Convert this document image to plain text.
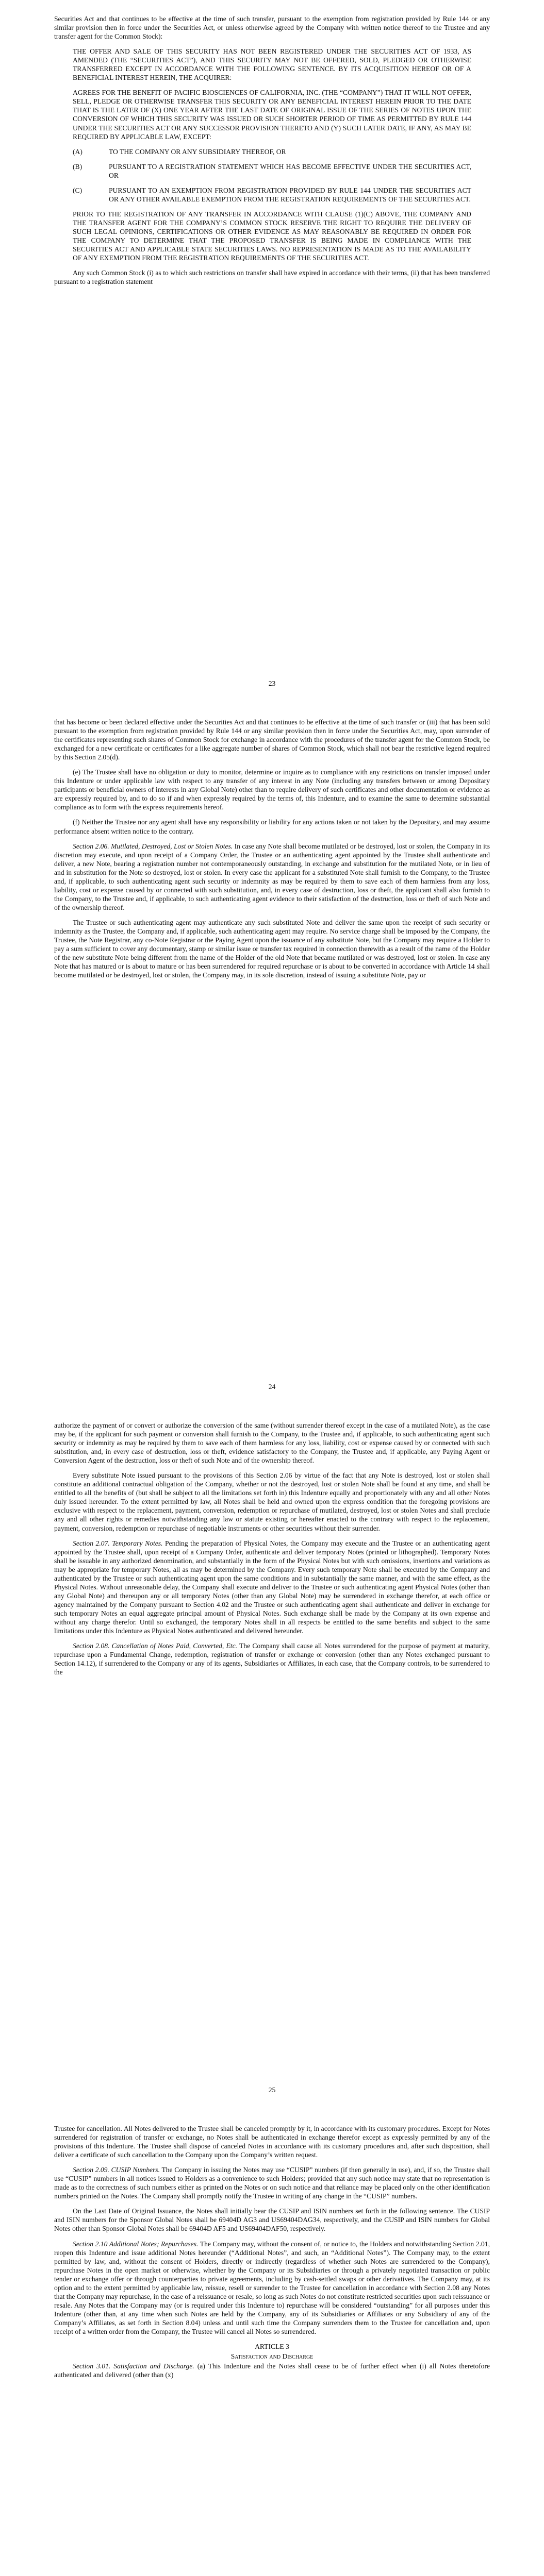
Securities Act and that continues to be effective at the time of such transfer, pursuant to the exemption from registration provided by Rule 144 or any similar provision then in force under the Securities Act, or unless otherwise agreed by the Company with written notice thereof to the Trustee and any transfer agent for the Common Stock):

THE OFFER AND SALE OF THIS SECURITY HAS NOT BEEN REGISTERED UNDER THE SECURITIES ACT OF 1933, AS AMENDED (THE “SECURITIES ACT”), AND THIS SECURITY MAY NOT BE OFFERED, SOLD, PLEDGED OR OTHERWISE TRANSFERRED EXCEPT IN ACCORDANCE WITH THE FOLLOWING SENTENCE. BY ITS ACQUISITION HEREOF OR OF A BENEFICIAL INTEREST HEREIN, THE ACQUIRER:

AGREES FOR THE BENEFIT OF PACIFIC BIOSCIENCES OF CALIFORNIA, INC. (THE “COMPANY”) THAT IT WILL NOT OFFER, SELL, PLEDGE OR OTHERWISE TRANSFER THIS SECURITY OR ANY BENEFICIAL INTEREST HEREIN PRIOR TO THE DATE THAT IS THE LATER OF (X) ONE YEAR AFTER THE LAST DATE OF ORIGINAL ISSUE OF THE SERIES OF NOTES UPON THE CONVERSION OF WHICH THIS SECURITY WAS ISSUED OR SUCH SHORTER PERIOD OF TIME AS PERMITTED BY RULE 144 UNDER THE SECURITIES ACT OR ANY SUCCESSOR PROVISION THERETO AND (Y) SUCH LATER DATE, IF ANY, AS MAY BE REQUIRED BY APPLICABLE LAW, EXCEPT:

(A)	TO THE COMPANY OR ANY SUBSIDIARY THEREOF, OR

(B)	PURSUANT TO A REGISTRATION STATEMENT WHICH HAS BECOME EFFECTIVE UNDER THE SECURITIES ACT, OR

(C)	PURSUANT TO AN EXEMPTION FROM REGISTRATION PROVIDED BY RULE 144 UNDER THE SECURITIES ACT OR ANY OTHER AVAILABLE EXEMPTION FROM THE REGISTRATION REQUIREMENTS OF THE SECURITIES ACT.

PRIOR TO THE REGISTRATION OF ANY TRANSFER IN ACCORDANCE WITH CLAUSE (1)(C) ABOVE, THE COMPANY AND THE TRANSFER AGENT FOR THE COMPANY’S COMMON STOCK RESERVE THE RIGHT TO REQUIRE THE DELIVERY OF SUCH LEGAL OPINIONS, CERTIFICATIONS OR OTHER EVIDENCE AS MAY REASONABLY BE REQUIRED IN ORDER FOR THE COMPANY TO DETERMINE THAT THE PROPOSED TRANSFER IS BEING MADE IN COMPLIANCE WITH THE SECURITIES ACT AND APPLICABLE STATE SECURITIES LAWS. NO REPRESENTATION IS MADE AS TO THE AVAILABILITY OF ANY EXEMPTION FROM THE REGISTRATION REQUIREMENTS OF THE SECURITIES ACT.

Any such Common Stock (i) as to which such restrictions on transfer shall have expired in accordance with their terms, (ii) that has been transferred pursuant to a registration statement

23

that has become or been declared effective under the Securities Act and that continues to be effective at the time of such transfer or (iii) that has been sold pursuant to the exemption from registration provided by Rule 144 or any similar provision then in force under the Securities Act, may, upon surrender of the certificates representing such shares of Common Stock for exchange in accordance with the procedures of the transfer agent for the Common Stock, be exchanged for a new certificate or certificates for a like aggregate number of shares of Common Stock, which shall not bear the restrictive legend required by this Section 2.05(d).

(e) The Trustee shall have no obligation or duty to monitor, determine or inquire as to compliance with any restrictions on transfer imposed under this Indenture or under applicable law with respect to any transfer of any interest in any Note (including any transfers between or among Depositary participants or beneficial owners of interests in any Global Note) other than to require delivery of such certificates and other documentation or evidence as are expressly required by, and to do so if and when expressly required by the terms of, this Indenture, and to examine the same to determine substantial compliance as to form with the express requirements hereof.

(f) Neither the Trustee nor any agent shall have any responsibility or liability for any actions taken or not taken by the Depositary, and may assume performance absent written notice to the contrary.

Section 2.06. Mutilated, Destroyed, Lost or Stolen Notes. In case any Note shall become mutilated or be destroyed, lost or stolen, the Company in its discretion may execute, and upon receipt of a Company Order, the Trustee or an authenticating agent appointed by the Trustee shall authenticate and deliver, a new Note, bearing a registration number not contemporaneously outstanding, in exchange and substitution for the mutilated Note, or in lieu of and in substitution for the Note so destroyed, lost or stolen. In every case the applicant for a substituted Note shall furnish to the Company, to the Trustee and, if applicable, to such authenticating agent such security or indemnity as may be required by them to save each of them harmless from any loss, liability, cost or expense caused by or connected with such substitution, and, in every case of destruction, loss or theft, the applicant shall also furnish to the Company, to the Trustee and, if applicable, to such authenticating agent evidence to their satisfaction of the destruction, loss or theft of such Note and of the ownership thereof.

The Trustee or such authenticating agent may authenticate any such substituted Note and deliver the same upon the receipt of such security or indemnity as the Trustee, the Company and, if applicable, such authenticating agent may require. No service charge shall be imposed by the Company, the Trustee, the Note Registrar, any co-Note Registrar or the Paying Agent upon the issuance of any substitute Note, but the Company may require a Holder to pay a sum sufficient to cover any documentary, stamp or similar issue or transfer tax required in connection therewith as a result of the name of the Holder of the new substitute Note being different from the name of the Holder of the old Note that became mutilated or was destroyed, lost or stolen. In case any Note that has matured or is about to mature or has been surrendered for required repurchase or is about to be converted in accordance with Article 14 shall become mutilated or be destroyed, lost or stolen, the Company may, in its sole discretion, instead of issuing a substitute Note, pay or

24

authorize the payment of or convert or authorize the conversion of the same (without surrender thereof except in the case of a mutilated Note), as the case may be, if the applicant for such payment or conversion shall furnish to the Company, to the Trustee and, if applicable, to such authenticating agent such security or indemnity as may be required by them to save each of them harmless for any loss, liability, cost or expense caused by or connected with such substitution, and, in every case of destruction, loss or theft, evidence satisfactory to the Company, the Trustee and, if applicable, any Paying Agent or Conversion Agent of the destruction, loss or theft of such Note and of the ownership thereof.

Every substitute Note issued pursuant to the provisions of this Section 2.06 by virtue of the fact that any Note is destroyed, lost or stolen shall constitute an additional contractual obligation of the Company, whether or not the destroyed, lost or stolen Note shall be found at any time, and shall be entitled to all the benefits of (but shall be subject to all the limitations set forth in) this Indenture equally and proportionately with any and all other Notes duly issued hereunder. To the extent permitted by law, all Notes shall be held and owned upon the express condition that the foregoing provisions are exclusive with respect to the replacement, payment, conversion, redemption or repurchase of mutilated, destroyed, lost or stolen Notes and shall preclude any and all other rights or remedies notwithstanding any law or statute existing or hereafter enacted to the contrary with respect to the replacement, payment, conversion, redemption or repurchase of negotiable instruments or other securities without their surrender.

Section 2.07. Temporary Notes. Pending the preparation of Physical Notes, the Company may execute and the Trustee or an authenticating agent appointed by the Trustee shall, upon receipt of a Company Order, authenticate and deliver temporary Notes (printed or lithographed). Temporary Notes shall be issuable in any authorized denomination, and substantially in the form of the Physical Notes but with such omissions, insertions and variations as may be appropriate for temporary Notes, all as may be determined by the Company. Every such temporary Note shall be executed by the Company and authenticated by the Trustee or such authenticating agent upon the same conditions and in substantially the same manner, and with the same effect, as the Physical Notes. Without unreasonable delay, the Company shall execute and deliver to the Trustee or such authenticating agent Physical Notes (other than any Global Note) and thereupon any or all temporary Notes (other than any Global Note) may be surrendered in exchange therefor, at each office or agency maintained by the Company pursuant to Section 4.02 and the Trustee or such authenticating agent shall authenticate and deliver in exchange for such temporary Notes an equal aggregate principal amount of Physical Notes. Such exchange shall be made by the Company at its own expense and without any charge therefor. Until so exchanged, the temporary Notes shall in all respects be entitled to the same benefits and subject to the same limitations under this Indenture as Physical Notes authenticated and delivered hereunder.

Section 2.08. Cancellation of Notes Paid, Converted, Etc. The Company shall cause all Notes surrendered for the purpose of payment at maturity, repurchase upon a Fundamental Change, redemption, registration of transfer or exchange or conversion (other than any Notes exchanged pursuant to Section 14.12), if surrendered to the Company or any of its agents, Subsidiaries or Affiliates, in each case, that the Company controls, to be surrendered to the

25

Trustee for cancellation. All Notes delivered to the Trustee shall be canceled promptly by it, in accordance with its customary procedures. Except for Notes surrendered for registration of transfer or exchange, no Notes shall be authenticated in exchange therefor except as expressly permitted by any of the provisions of this Indenture. The Trustee shall dispose of canceled Notes in accordance with its customary procedures and, after such disposition, shall deliver a certificate of such cancellation to the Company upon the Company’s written request.

Section 2.09. CUSIP Numbers. The Company in issuing the Notes may use “CUSIP” numbers (if then generally in use), and, if so, the Trustee shall use “CUSIP” numbers in all notices issued to Holders as a convenience to such Holders; provided that any such notice may state that no representation is made as to the correctness of such numbers either as printed on the Notes or on such notice and that reliance may be placed only on the other identification numbers printed on the Notes. The Company shall promptly notify the Trustee in writing of any change in the “CUSIP” numbers.

On the Last Date of Original Issuance, the Notes shall initially bear the CUSIP and ISIN numbers set forth in the following sentence. The CUSIP and ISIN numbers for the Sponsor Global Notes shall be 69404D AG3 and US69404DAG34, respectively, and the CUSIP and ISIN numbers for Global Notes other than Sponsor Global Notes shall be 69404D AF5 and US69404DAF50, respectively.

Section 2.10 Additional Notes; Repurchases. The Company may, without the consent of, or notice to, the Holders and notwithstanding Section 2.01, reopen this Indenture and issue additional Notes hereunder (“Additional Notes”, and such, an “Additional Notes”). The Company may, to the extent permitted by law, and, without the consent of Holders, directly or indirectly (regardless of whether such Notes are surrendered to the Company), repurchase Notes in the open market or otherwise, whether by the Company or its Subsidiaries or through a privately negotiated transaction or public tender or exchange offer or through counterparties to private agreements, including by cash-settled swaps or other derivatives. The Company may, at its option and to the extent permitted by applicable law, reissue, resell or surrender to the Trustee for cancellation in accordance with Section 2.08 any Notes that the Company may repurchase, in the case of a reissuance or resale, so long as such Notes do not constitute restricted securities upon such reissuance or resale. Any Notes that the Company may (or is required under this Indenture to) repurchase will be considered “outstanding” for all purposes under this Indenture (other than, at any time when such Notes are held by the Company, any of its Subsidiaries or Affiliates or any Subsidiary of any of the Company’s Affiliates, as set forth in Section 8.04) unless and until such time the Company surrenders them to the Trustee for cancellation and, upon receipt of a written order from the Company, the Trustee will cancel all Notes so surrendered.

ARTICLE 3

Satisfaction and Discharge

Section 3.01. Satisfaction and Discharge. (a) This Indenture and the Notes shall cease to be of further effect when (i) all Notes theretofore authenticated and delivered (other than (x)
